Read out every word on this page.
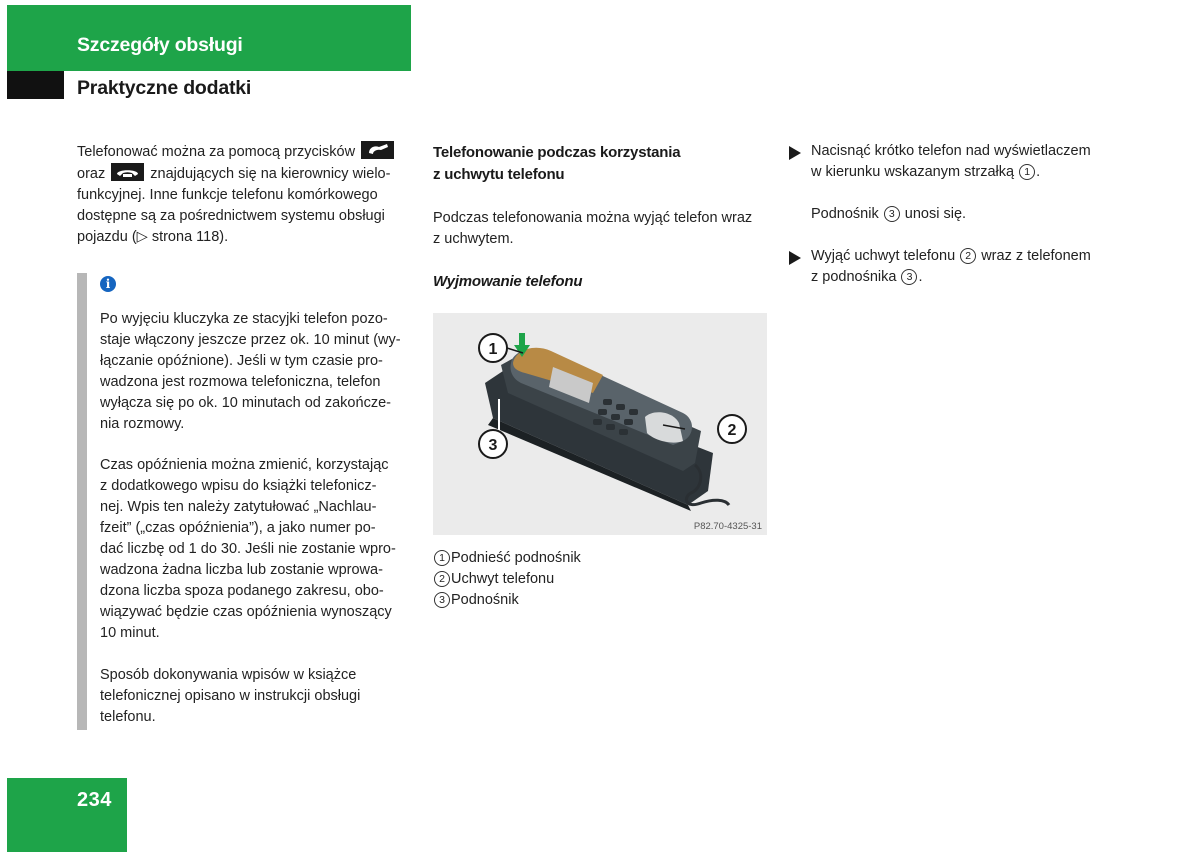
Szczegóły obsługi
Praktyczne dodatki
Telefonować można za pomocą przycisków
oraz	znajdujących się na kierownicy wielo-
funkcyjnej. Inne funkcje telefonu komórkowego
dostępne są za pośrednictwem systemu obsługi
pojazdu (▷ strona 118).
i
Po wyjęciu kluczyka ze stacyjki telefon pozo-
staje włączony jeszcze przez ok. 10 minut (wy-
łączanie opóźnione). Jeśli w tym czasie pro-
wadzona jest rozmowa telefoniczna, telefon
wyłącza się po ok. 10 minutach od zakończe-
nia rozmowy.
Czas opóźnienia można zmienić, korzystając
z dodatkowego wpisu do książki telefonicz-
nej. Wpis ten należy zatytułować „Nachlau-
fzeit” („czas opóźnienia”), a jako numer po-
dać liczbę od 1 do 30. Jeśli nie zostanie wpro-
wadzona żadna liczba lub zostanie wprowa-
dzona liczba spoza podanego zakresu, obo-
wiązywać będzie czas opóźnienia wynoszący
10 minut.
Sposób dokonywania wpisów w książce
telefonicznej opisano w instrukcji obsługi
telefonu.
Telefonowanie podczas korzystania
z uchwytu telefonu
Podczas telefonowania można wyjąć telefon wraz
z uchwytem.
Wyjmowanie telefonu
1
2
3
P82.70-4325-31
1 Podnieść podnośnik
2 Uchwyt telefonu
3 Podnośnik
Nacisnąć krótko telefon nad wyświetlaczem
w kierunku wskazanym strzałką 1 .
Podnośnik 3 unosi się.
Wyjąć uchwyt telefonu 2 wraz z telefonem
z podnośnika 3 .
234
